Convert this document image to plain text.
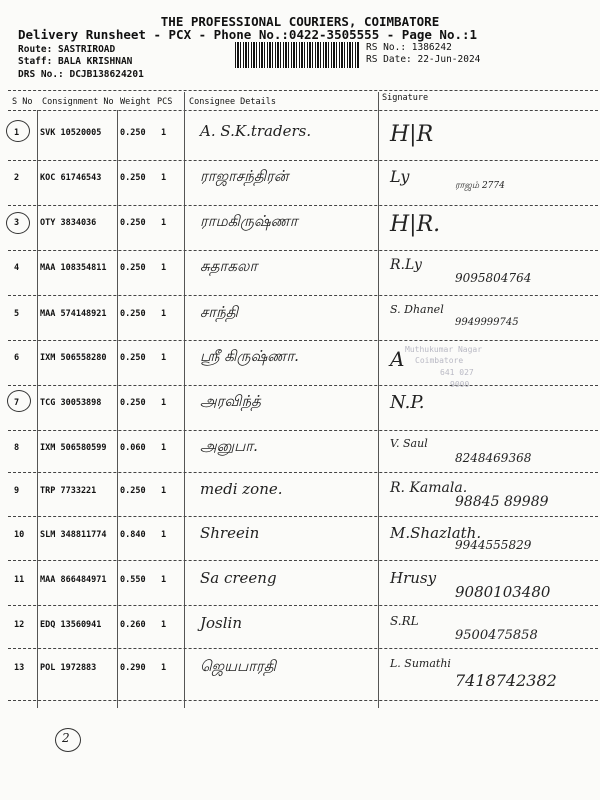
THE PROFESSIONAL COURIERS, COIMBATORE
Delivery Runsheet - PCX - Phone No.:0422-3505555 - Page No.:1
Route: SASTRIROAD
Staff: BALA KRISHNAN
DRS No.: DCJB138624201
RS No.: 1386242
RS Date: 22-Jun-2024
S No Consignment No Weight PCS Consignee Details	Signature
1 SVK 10520005 0.250 1 A. S.K.traders.	H|R
2 KOC 61746543 0.250 1 ராஜாசந்திரன்	Ly	ராஜம் 2774
3 OTY 3834036	0.250 1 ராமகிருஷ்ணா	H|R.
4 MAA 108354811 0.250 1 சுதாகலா	R.Ly
9095804764
5 MAA 574148921 0.250 1 சாந்தி	S. Dhanel
9949999745
6 IXM 506558280 0.250 1 ஸ்ரீ கிருஷ்ணா.	A
7 TCG 30053898 0.250 1 அரவிந்த்	N.P.
8 IXM 506580599 0.060 1 அனுபா.	V. Saul
8248469368
9 TRP 7733221	0.250 1 medi zone.	R. Kamala.
98845 89989
10 SLM 348811774 0.840 1 Shreein	M.Shazlath.
9944555829
11 MAA 866484971 0.550 1 Sa creeng	Hrusy
9080103480
12 EDQ 13560941 0.260 1 Joslin	S.RL
9500475858
13 POL 1972883	0.290 1 ஜெயபாரதி	L. Sumathi
7418742382
Muthukumar Nagar
Coimbatore
641 027
9000
2
